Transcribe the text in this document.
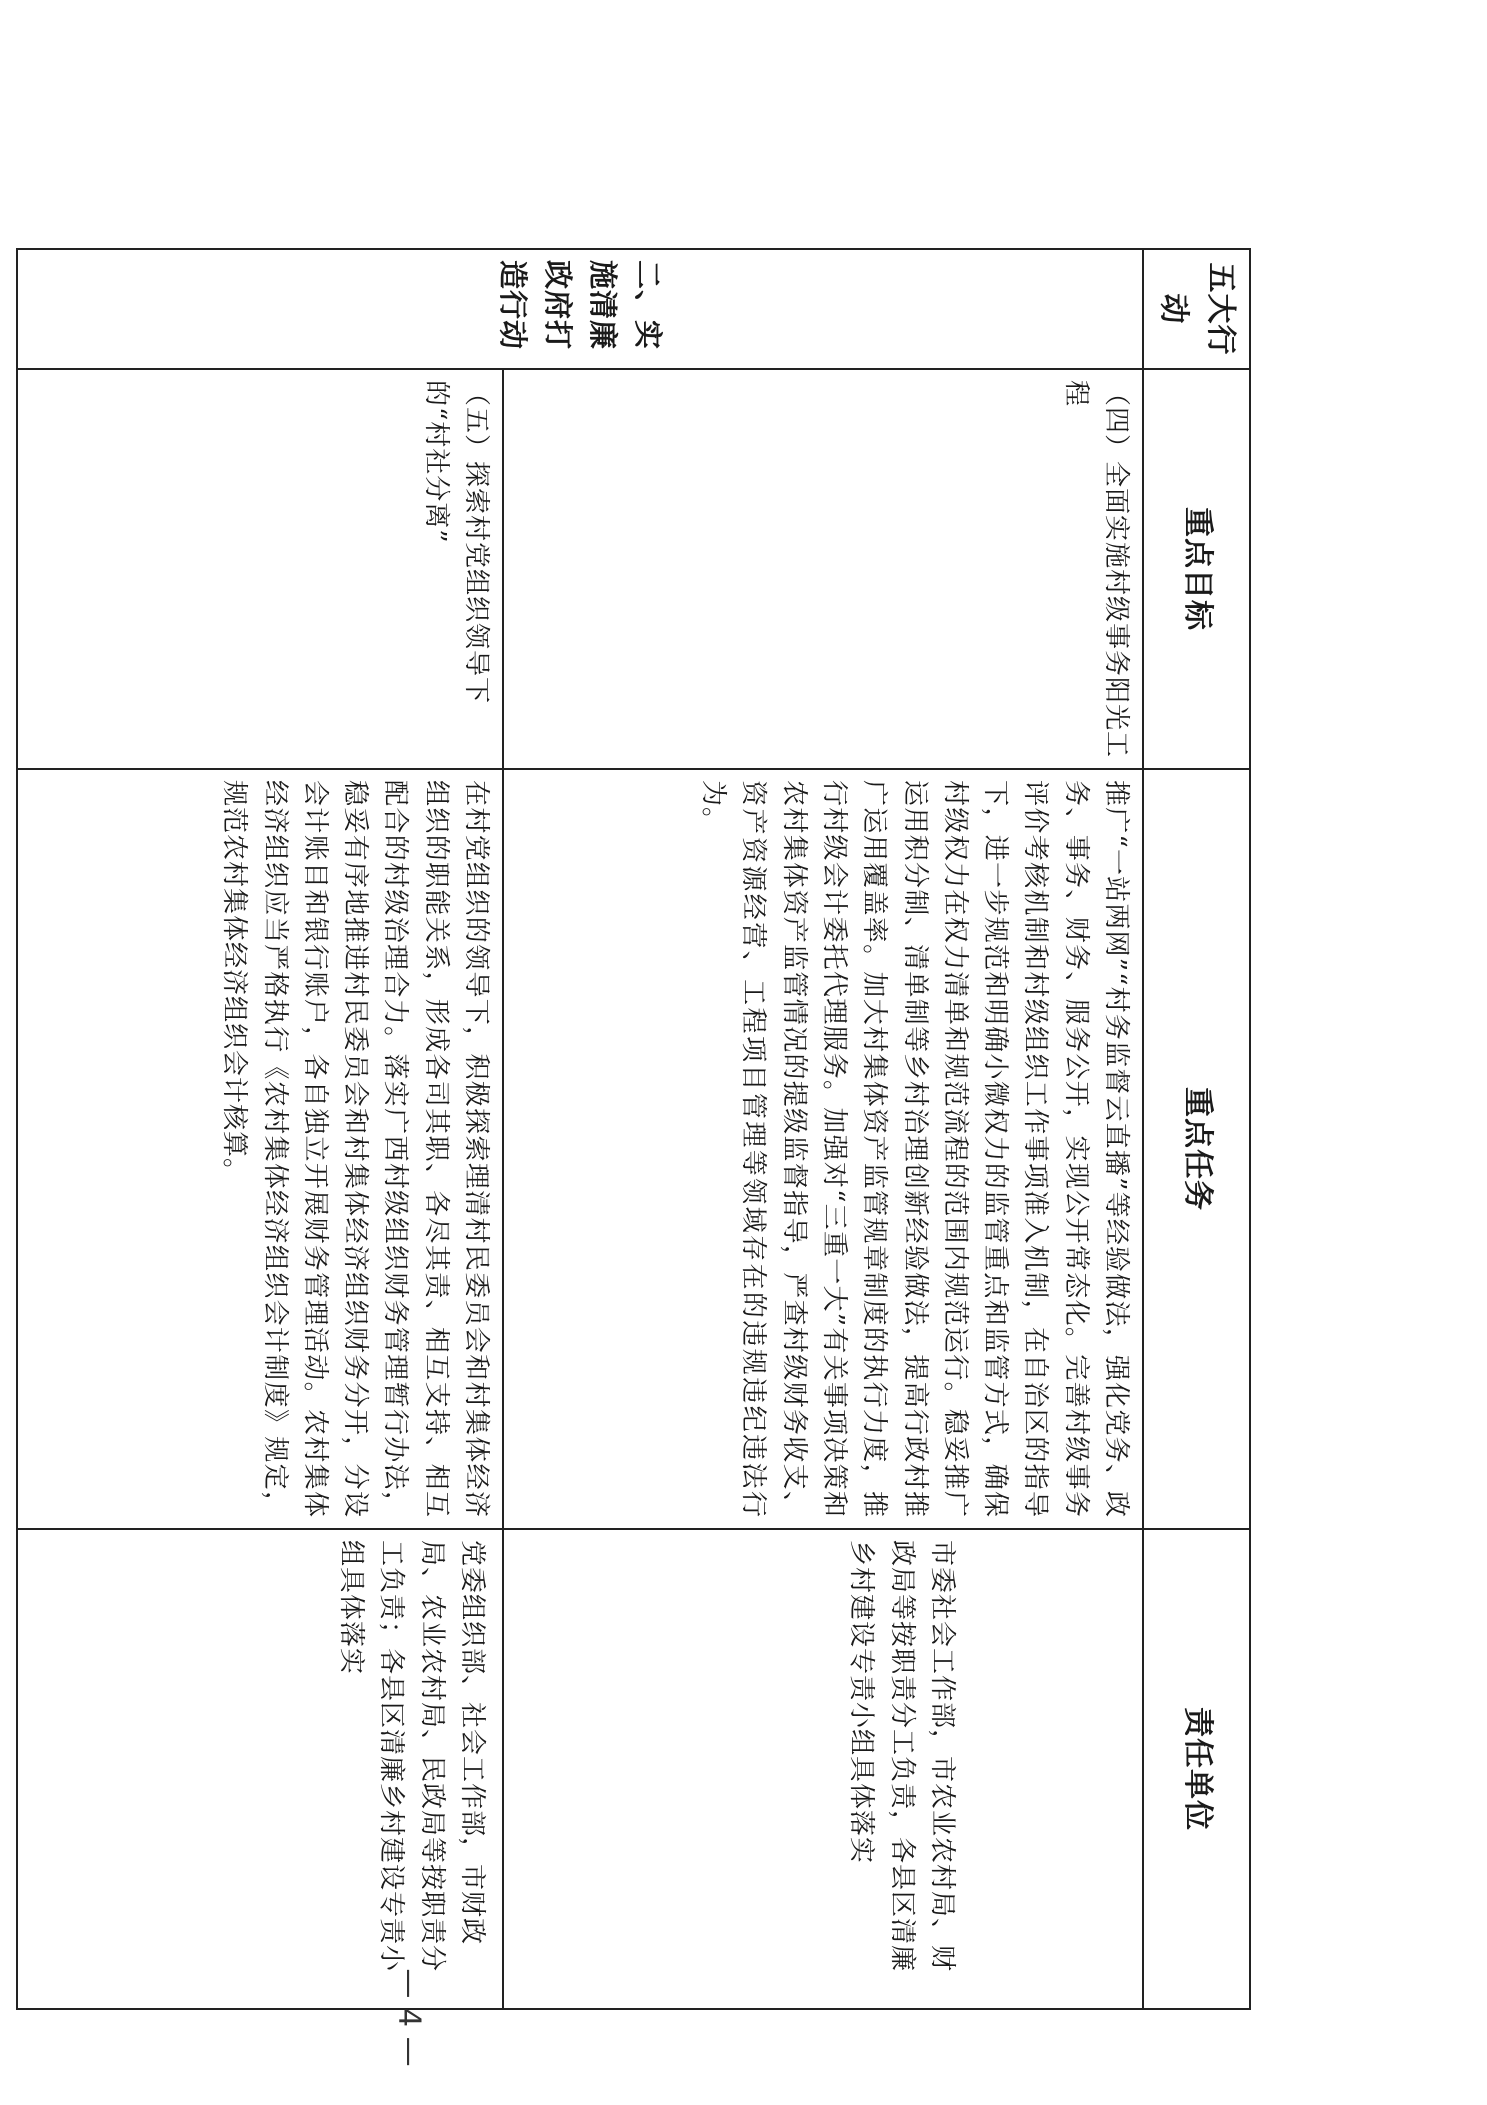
五大行动	重点目标	重点任务	责任单位
二、实施清廉政府打造行动	（四）全面实施村级事务阳光工程	推广“一站两网”“村务监督云直播”等经验做法，强化党务、政务、事务、财务、服务公开，实现公开常态化。完善村级事务评价考核机制和村级组织工作事项准入机制，在自治区的指导下，进一步规范和明确小微权力的监管重点和监管方式，确保村级权力在权力清单和规范流程的范围内规范运行。稳妥推广运用积分制、清单制等乡村治理创新经验做法，提高行政村推广运用覆盖率。加大村集体资产监管规章制度的执行力度，推行村级会计委托代理服务。加强对“三重一大”有关事项决策和农村集体资产监管情况的提级监督指导，严查村级财务收支、资产资源经营、工程项目管理等领域存在的违规违纪违法行为。	市委社会工作部，市农业农村局、财政局等按职责分工负责，各县区清廉乡村建设专责小组具体落实
	（五）探索村党组织领导下的“村社分离”	在村党组织的领导下，积极探索理清村民委员会和村集体经济组织的职能关系，形成各司其职、各尽其责、相互支持、相互配合的村级治理合力。落实广西村级组织财务管理暂行办法，稳妥有序地推进村民委员会和村集体经济组织财务分开，分设会计账目和银行账户，各自独立开展财务管理活动。农村集体经济组织应当严格执行《农村集体经济组织会计制度》规定，规范农村集体经济组织会计核算。	党委组织部、社会工作部，市财政局、农业农村局、民政局等按职责分工负责；各县区清廉乡村建设专责小组具体落实
— 4 —
